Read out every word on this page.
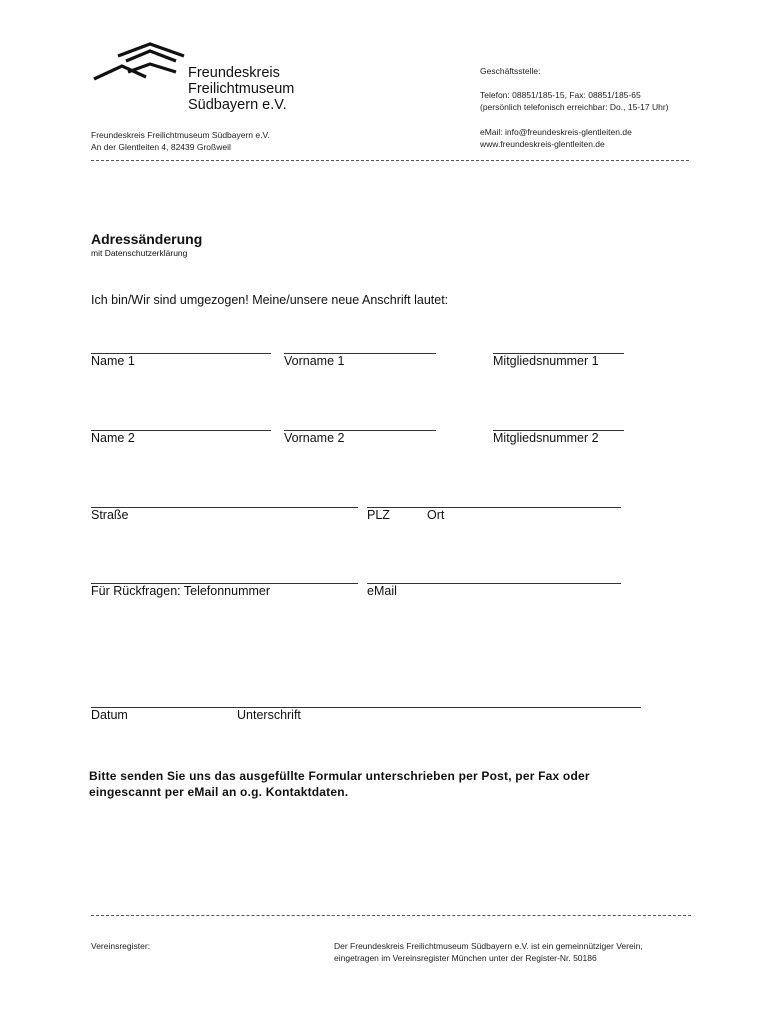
Freundeskreis
Freilichtmuseum
Südbayern e.V.
Freundeskreis Freilichtmuseum Südbayern e.V.
An der Glentleiten 4, 82439 Großweil
Geschäftsstelle:
Telefon: 08851/185-15, Fax: 08851/185-65
(persönlich telefonisch erreichbar: Do., 15-17 Uhr)
eMail: info@freundeskreis-glentleiten.de
www.freundeskreis-glentleiten.de
Adressänderung
mit Datenschutzerklärung
Ich bin/Wir sind umgezogen! Meine/unsere neue Anschrift lautet:
Name 1	Vorname 1	Mitgliedsnummer 1
Name 2	Vorname 2	Mitgliedsnummer 2
Straße	PLZ	Ort
Für Rückfragen: Telefonnummer	eMail
Datum	Unterschrift
Bitte senden Sie uns das ausgefüllte Formular unterschrieben per Post, per Fax oder
eingescannt per eMail an o.g. Kontaktdaten.
Vereinsregister:	Der Freundeskreis Freilichtmuseum Südbayern e.V. ist ein gemeinnütziger Verein,
eingetragen im Vereinsregister München unter der Register-Nr. 50186
